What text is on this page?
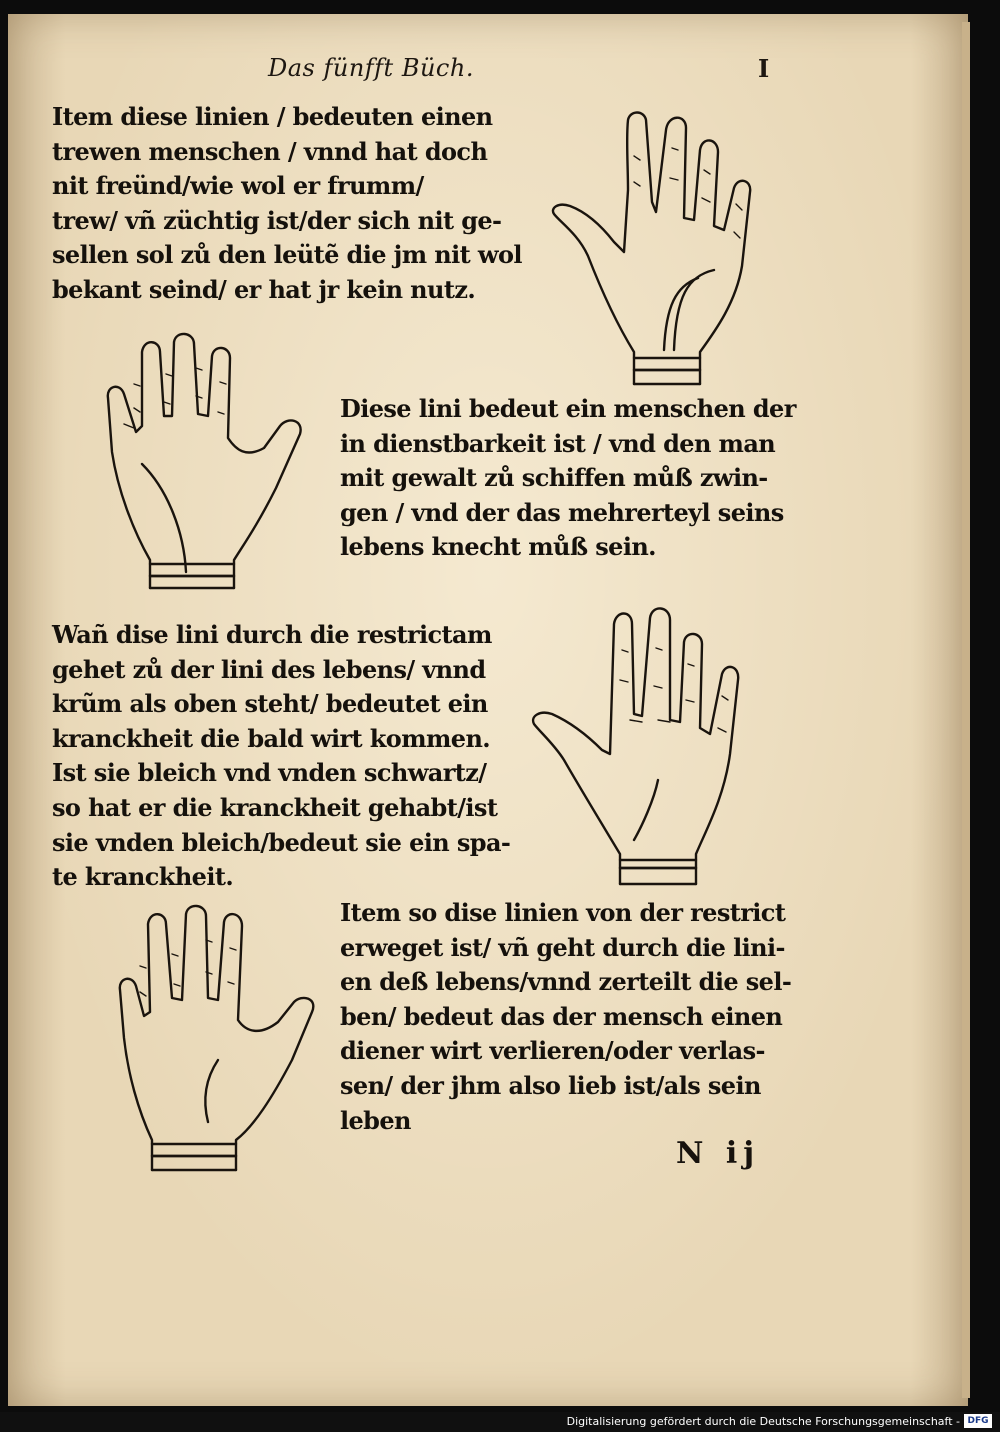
Das fünfft Büch.	I
Item diese linien / bedeuten einen
trewen menschen / vnnd hat doch
nit freünd/wie wol er frumm/
trew/ vñ züchtig ist/der sich nit ge-
sellen sol zů den leütẽ die jm nit wol
bekant seind/ er hat jr kein nutz.
Diese lini bedeut ein menschen der
in dienstbarkeit ist / vnd den man
mit gewalt zů schiffen můß zwin-
gen / vnd der das mehrerteyl seins
lebens knecht můß sein.
Wañ dise lini durch die restrictam
gehet zů der lini des lebens/ vnnd
krũm als oben steht/ bedeutet ein
kranckheit die bald wirt kommen.
Ist sie bleich vnd vnden schwartz/
so hat er die kranckheit gehabt/ist
sie vnden bleich/bedeut sie ein spa-
te kranckheit.
Item so dise linien von der restrict
erweget ist/ vñ geht durch die lini-
en deß lebens/vnnd zerteilt die sel-
ben/ bedeut das der mensch einen
diener wirt verlieren/oder verlas-
sen/ der jhm also lieb ist/als sein
leben
N ij
Digitalisierung gefördert durch die Deutsche Forschungsgemeinschaft - DFG
